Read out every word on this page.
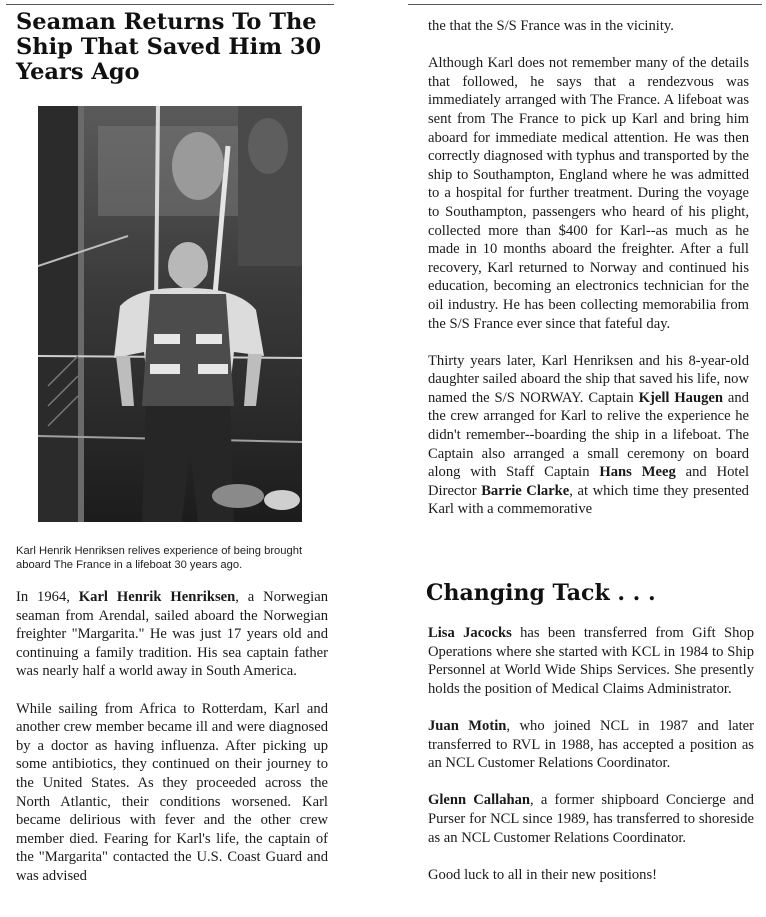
Seaman Returns To The Ship That Saved Him 30 Years Ago

Karl Henrik Henriksen relives experience of being brought aboard The France in a lifeboat 30 years ago.

In 1964, Karl Henrik Henriksen, a Norwegian seaman from Arendal, sailed aboard the Norwegian freighter "Margarita." He was just 17 years old and continuing a family tradition. His sea captain father was nearly half a world away in South America.

While sailing from Africa to Rotterdam, Karl and another crew member became ill and were diagnosed by a doctor as having influenza. After picking up some antibiotics, they continued on their journey to the United States. As they proceeded across the North Atlantic, their conditions worsened. Karl became delirious with fever and the other crew member died. Fearing for Karl's life, the captain of the "Margarita" contacted the U.S. Coast Guard and was advised

the that the S/S France was in the vicinity.

Although Karl does not remember many of the details that followed, he says that a rendezvous was immediately arranged with The France. A lifeboat was sent from The France to pick up Karl and bring him aboard for immediate medical attention. He was then correctly diagnosed with typhus and transported by the ship to Southampton, England where he was admitted to a hospital for further treatment. During the voyage to Southampton, passengers who heard of his plight, collected more than $400 for Karl--as much as he made in 10 months aboard the freighter. After a full recovery, Karl returned to Norway and continued his education, becoming an electronics technician for the oil industry. He has been collecting memorabilia from the S/S France ever since that fateful day.

Thirty years later, Karl Henriksen and his 8-year-old daughter sailed aboard the ship that saved his life, now named the S/S NORWAY. Captain Kjell Haugen and the crew arranged for Karl to relive the experience he didn't remember--boarding the ship in a lifeboat. The Captain also arranged a small ceremony on board along with Staff Captain Hans Meeg and Hotel Director Barrie Clarke, at which time they presented Karl with a commemorative

Changing Tack . . .

Lisa Jacocks has been transferred from Gift Shop Operations where she started with KCL in 1984 to Ship Personnel at World Wide Ships Services. She presently holds the position of Medical Claims Administrator.

Juan Motin, who joined NCL in 1987 and later transferred to RVL in 1988, has accepted a position as an NCL Customer Relations Coordinator.

Glenn Callahan, a former shipboard Concierge and Purser for NCL since 1989, has transferred to shoreside as an NCL Customer Relations Coordinator.

Good luck to all in their new positions!
